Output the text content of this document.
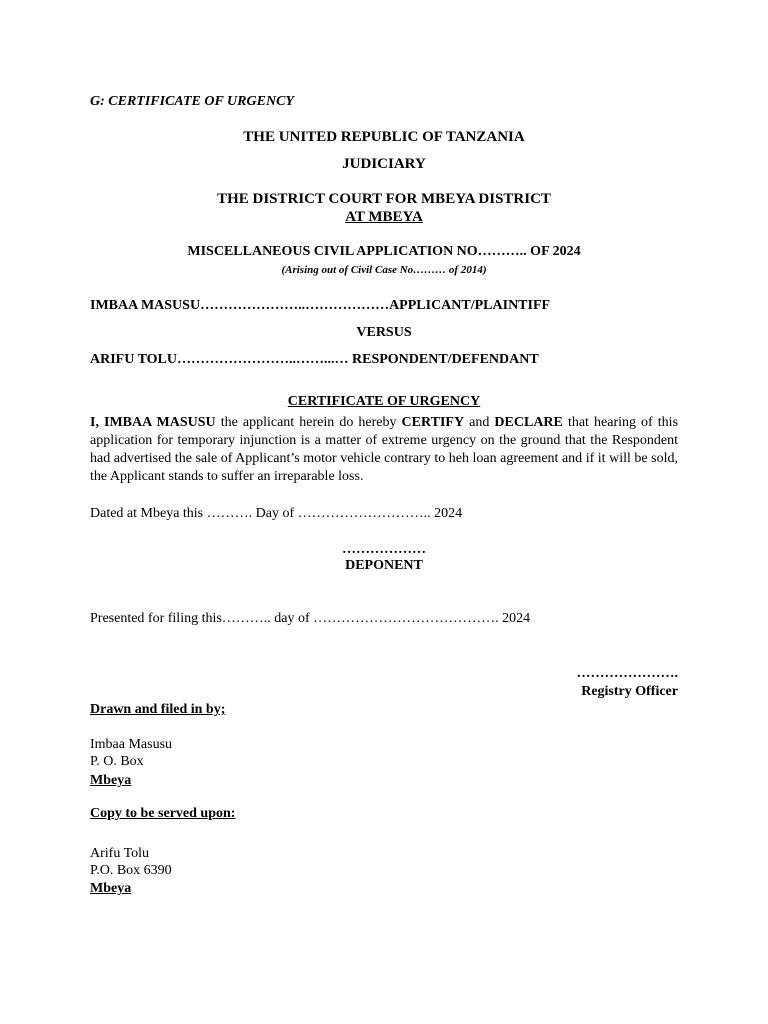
G: CERTIFICATE OF URGENCY
THE UNITED REPUBLIC OF TANZANIA
JUDICIARY
THE DISTRICT COURT FOR MBEYA DISTRICT
AT MBEYA
MISCELLANEOUS CIVIL APPLICATION NO……….. OF 2024
(Arising out of Civil Case No……… of 2014)
IMBAA MASUSU…………………..………………APPLICANT/PLAINTIFF
VERSUS
ARIFU TOLU……………………..……...… RESPONDENT/DEFENDANT
CERTIFICATE OF URGENCY
I, IMBAA MASUSU the applicant herein do hereby CERTIFY and DECLARE that hearing of this application for temporary injunction is a matter of extreme urgency on the ground that the Respondent had advertised the sale of Applicant’s motor vehicle contrary to heh loan agreement and if it will be sold, the Applicant stands to suffer an irreparable loss.
Dated at Mbeya this ………. Day of ……………………….. 2024
………………
DEPONENT
Presented for filing this……….. day of …………………………………. 2024
………………….
Registry Officer
Drawn and filed in by;
Imbaa Masusu
P. O. Box
Mbeya
Copy to be served upon:
Arifu Tolu
P.O. Box 6390
Mbeya
